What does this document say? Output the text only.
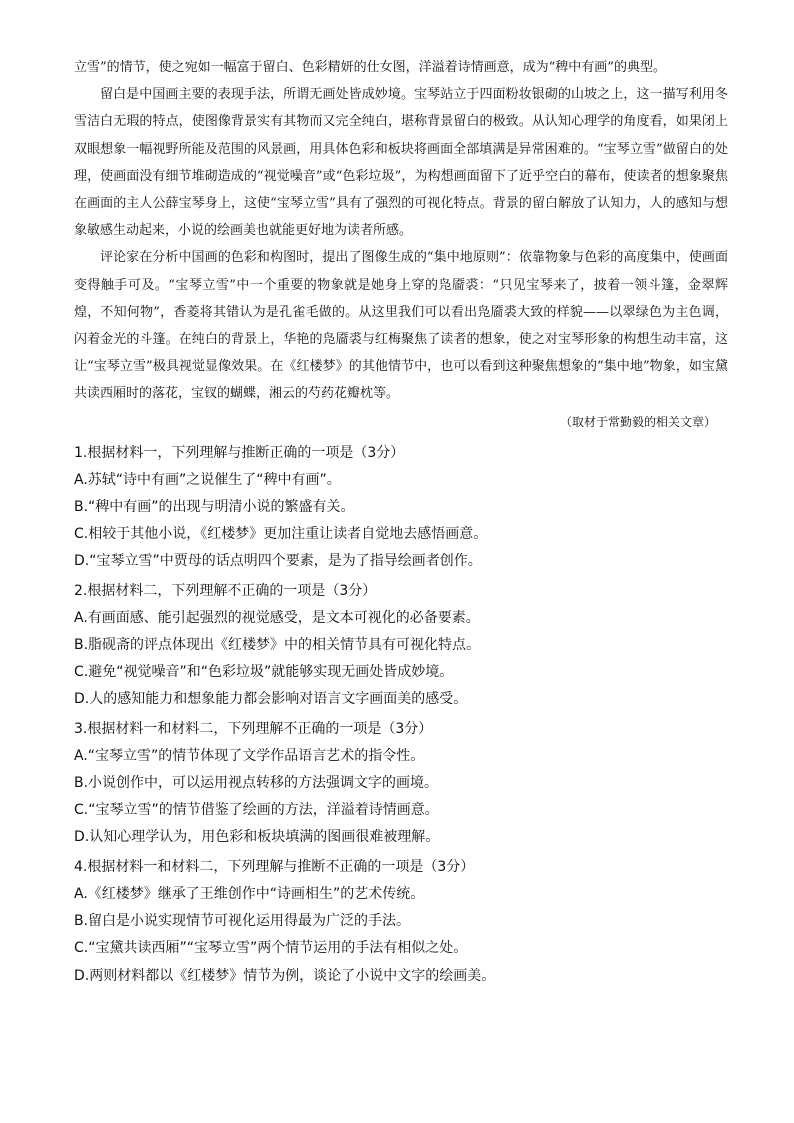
立雪”的情节，使之宛如一幅富于留白、色彩精妍的仕女图，洋溢着诗情画意，成为“稗中有画”的典型。

留白是中国画主要的表现手法，所谓无画处皆成妙境。宝琴站立于四面粉妆银砌的山坡之上，这一描写利用冬雪洁白无瑕的特点，使图像背景实有其物而又完全纯白，堪称背景留白的极致。从认知心理学的角度看，如果闭上双眼想象一幅视野所能及范围的风景画，用具体色彩和板块将画面全部填满是异常困难的。“宝琴立雪”做留白的处理，使画面没有细节堆砌造成的“视觉噪音”或“色彩垃圾”，为构想画面留下了近乎空白的幕布，使读者的想象聚焦在画面的主人公薛宝琴身上，这使“宝琴立雪”具有了强烈的可视化特点。背景的留白解放了认知力，人的感知与想象敏感生动起来，小说的绘画美也就能更好地为读者所感。

评论家在分析中国画的色彩和构图时，提出了图像生成的“集中地原则”：依靠物象与色彩的高度集中，使画面变得触手可及。“宝琴立雪”中一个重要的物象就是她身上穿的凫靥裘：“只见宝琴来了，披着一领斗篷，金翠辉煌，不知何物”，香菱将其错认为是孔雀毛做的。从这里我们可以看出凫靥裘大致的样貌——以翠绿色为主色调，闪着金光的斗篷。在纯白的背景上，华艳的凫靥裘与红梅聚焦了读者的想象，使之对宝琴形象的构想生动丰富，这让“宝琴立雪”极具视觉显像效果。在《红楼梦》的其他情节中，也可以看到这种聚焦想象的“集中地”物象，如宝黛共读西厢时的落花，宝钗的蝴蝶，湘云的芍药花瓣枕等。

（取材于常勤毅的相关文章）

1.根据材料一，下列理解与推断正确的一项是（3分）

A.苏轼“诗中有画”之说催生了“稗中有画”。

B.“稗中有画”的出现与明清小说的繁盛有关。

C.相较于其他小说，《红楼梦》更加注重让读者自觉地去感悟画意。

D.“宝琴立雪”中贾母的话点明四个要素，是为了指导绘画者创作。

2.根据材料二，下列理解不正确的一项是（3分）

A.有画面感、能引起强烈的视觉感受，是文本可视化的必备要素。

B.脂砚斋的评点体现出《红楼梦》中的相关情节具有可视化特点。

C.避免“视觉噪音”和“色彩垃圾”就能够实现无画处皆成妙境。

D.人的感知能力和想象能力都会影响对语言文字画面美的感受。

3.根据材料一和材料二，下列理解不正确的一项是（3分）

A.“宝琴立雪”的情节体现了文学作品语言艺术的指令性。

B.小说创作中，可以运用视点转移的方法强调文字的画境。

C.“宝琴立雪”的情节借鉴了绘画的方法，洋溢着诗情画意。

D.认知心理学认为，用色彩和板块填满的图画很难被理解。

4.根据材料一和材料二，下列理解与推断不正确的一项是（3分）

A.《红楼梦》继承了王维创作中“诗画相生”的艺术传统。

B.留白是小说实现情节可视化运用得最为广泛的手法。

C.“宝黛共读西厢”“宝琴立雪”两个情节运用的手法有相似之处。

D.两则材料都以《红楼梦》情节为例，谈论了小说中文字的绘画美。
